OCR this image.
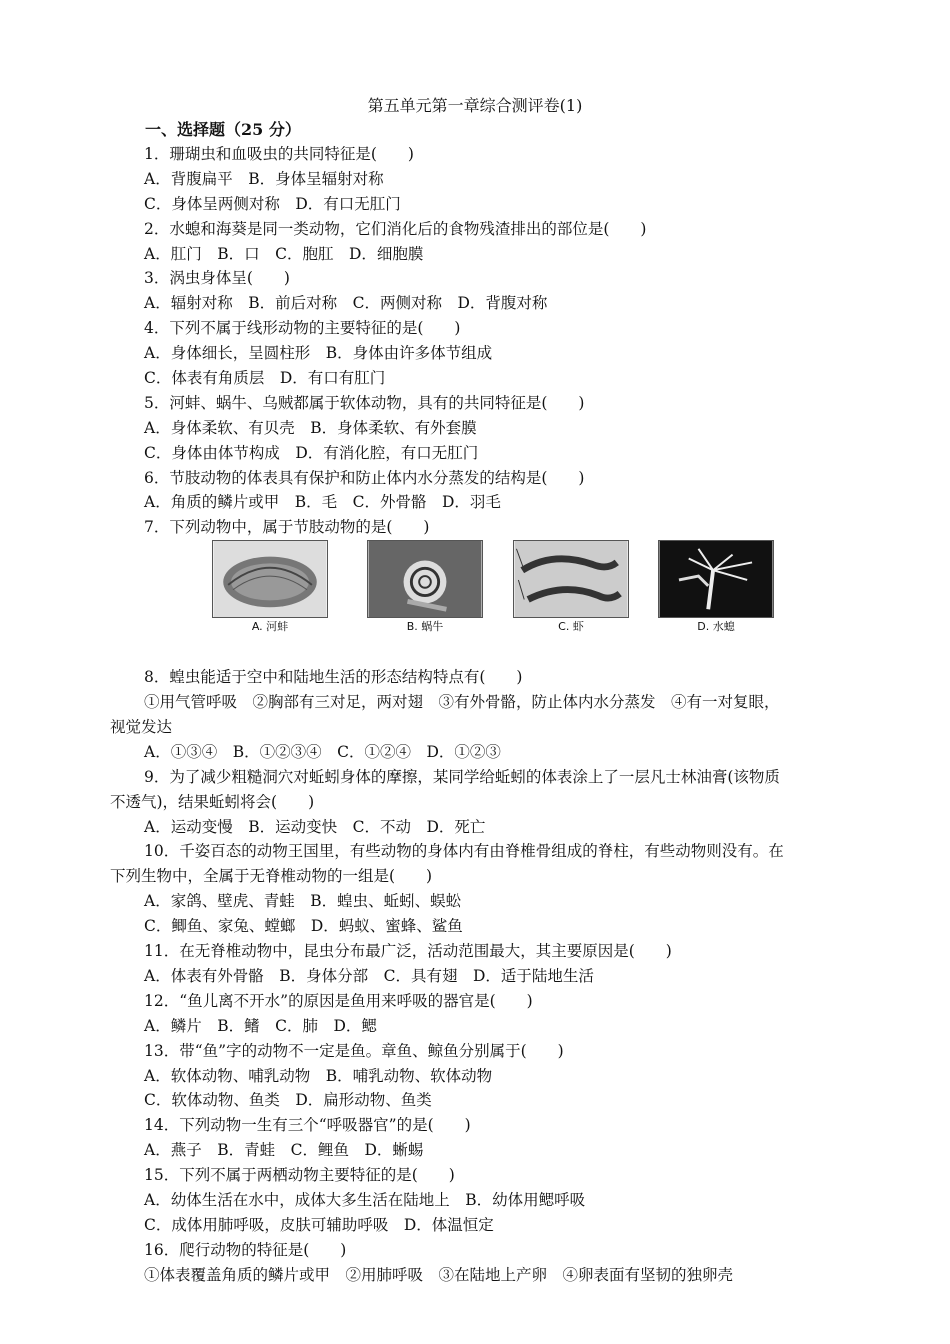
第五单元第一章综合测评卷(1)
一、选择题（25 分）
1．珊瑚虫和血吸虫的共同特征是(　　)
A．背腹扁平　B．身体呈辐射对称
C．身体呈两侧对称　D．有口无肛门
2．水螅和海葵是同一类动物，它们消化后的食物残渣排出的部位是(　　)
A．肛门　B．口　C．胞肛　D．细胞膜
3．涡虫身体呈(　　)
A．辐射对称　B．前后对称　C．两侧对称　D．背腹对称
4．下列不属于线形动物的主要特征的是(　　)
A．身体细长，呈圆柱形　B．身体由许多体节组成
C．体表有角质层　D．有口有肛门
5．河蚌、蜗牛、乌贼都属于软体动物，具有的共同特征是(　　)
A．身体柔软、有贝壳　B．身体柔软、有外套膜
C．身体由体节构成　D．有消化腔，有口无肛门
6．节肢动物的体表具有保护和防止体内水分蒸发的结构是(　　)
A．角质的鳞片或甲　B．毛　C．外骨骼　D．羽毛
7．下列动物中，属于节肢动物的是(　　)
A. 河蚌	B. 蜗牛	C. 虾	D. 水螅
8．蝗虫能适于空中和陆地生活的形态结构特点有(　　)
①用气管呼吸　②胸部有三对足，两对翅　③有外骨骼，防止体内水分蒸发　④有一对复眼，
视觉发达
A．①③④　B．①②③④　C．①②④　D．①②③
9．为了减少粗糙洞穴对蚯蚓身体的摩擦，某同学给蚯蚓的体表涂上了一层凡士林油膏(该物质
不透气)，结果蚯蚓将会(　　)
A．运动变慢　B．运动变快　C．不动　D．死亡
10．千姿百态的动物王国里，有些动物的身体内有由脊椎骨组成的脊柱，有些动物则没有。在
下列生物中，全属于无脊椎动物的一组是(　　)
A．家鸽、壁虎、青蛙　B．蝗虫、蚯蚓、蜈蚣
C．鲫鱼、家兔、螳螂　D．蚂蚁、蜜蜂、鲨鱼
11．在无脊椎动物中，昆虫分布最广泛，活动范围最大，其主要原因是(　　)
A．体表有外骨骼　B．身体分部　C．具有翅　D．适于陆地生活
12．“鱼儿离不开水”的原因是鱼用来呼吸的器官是(　　)
A．鳞片　B．鳍　C．肺　D．鳃
13．带“鱼”字的动物不一定是鱼。章鱼、鲸鱼分别属于(　　)
A．软体动物、哺乳动物　B．哺乳动物、软体动物
C．软体动物、鱼类　D．扁形动物、鱼类
14．下列动物一生有三个“呼吸器官”的是(　　)
A．燕子　B．青蛙　C．鲤鱼　D．蜥蜴
15．下列不属于两栖动物主要特征的是(　　)
A．幼体生活在水中，成体大多生活在陆地上　B．幼体用鳃呼吸
C．成体用肺呼吸，皮肤可辅助呼吸　D．体温恒定
16．爬行动物的特征是(　　)
①体表覆盖角质的鳞片或甲　②用肺呼吸　③在陆地上产卵　④卵表面有坚韧的独卵壳
